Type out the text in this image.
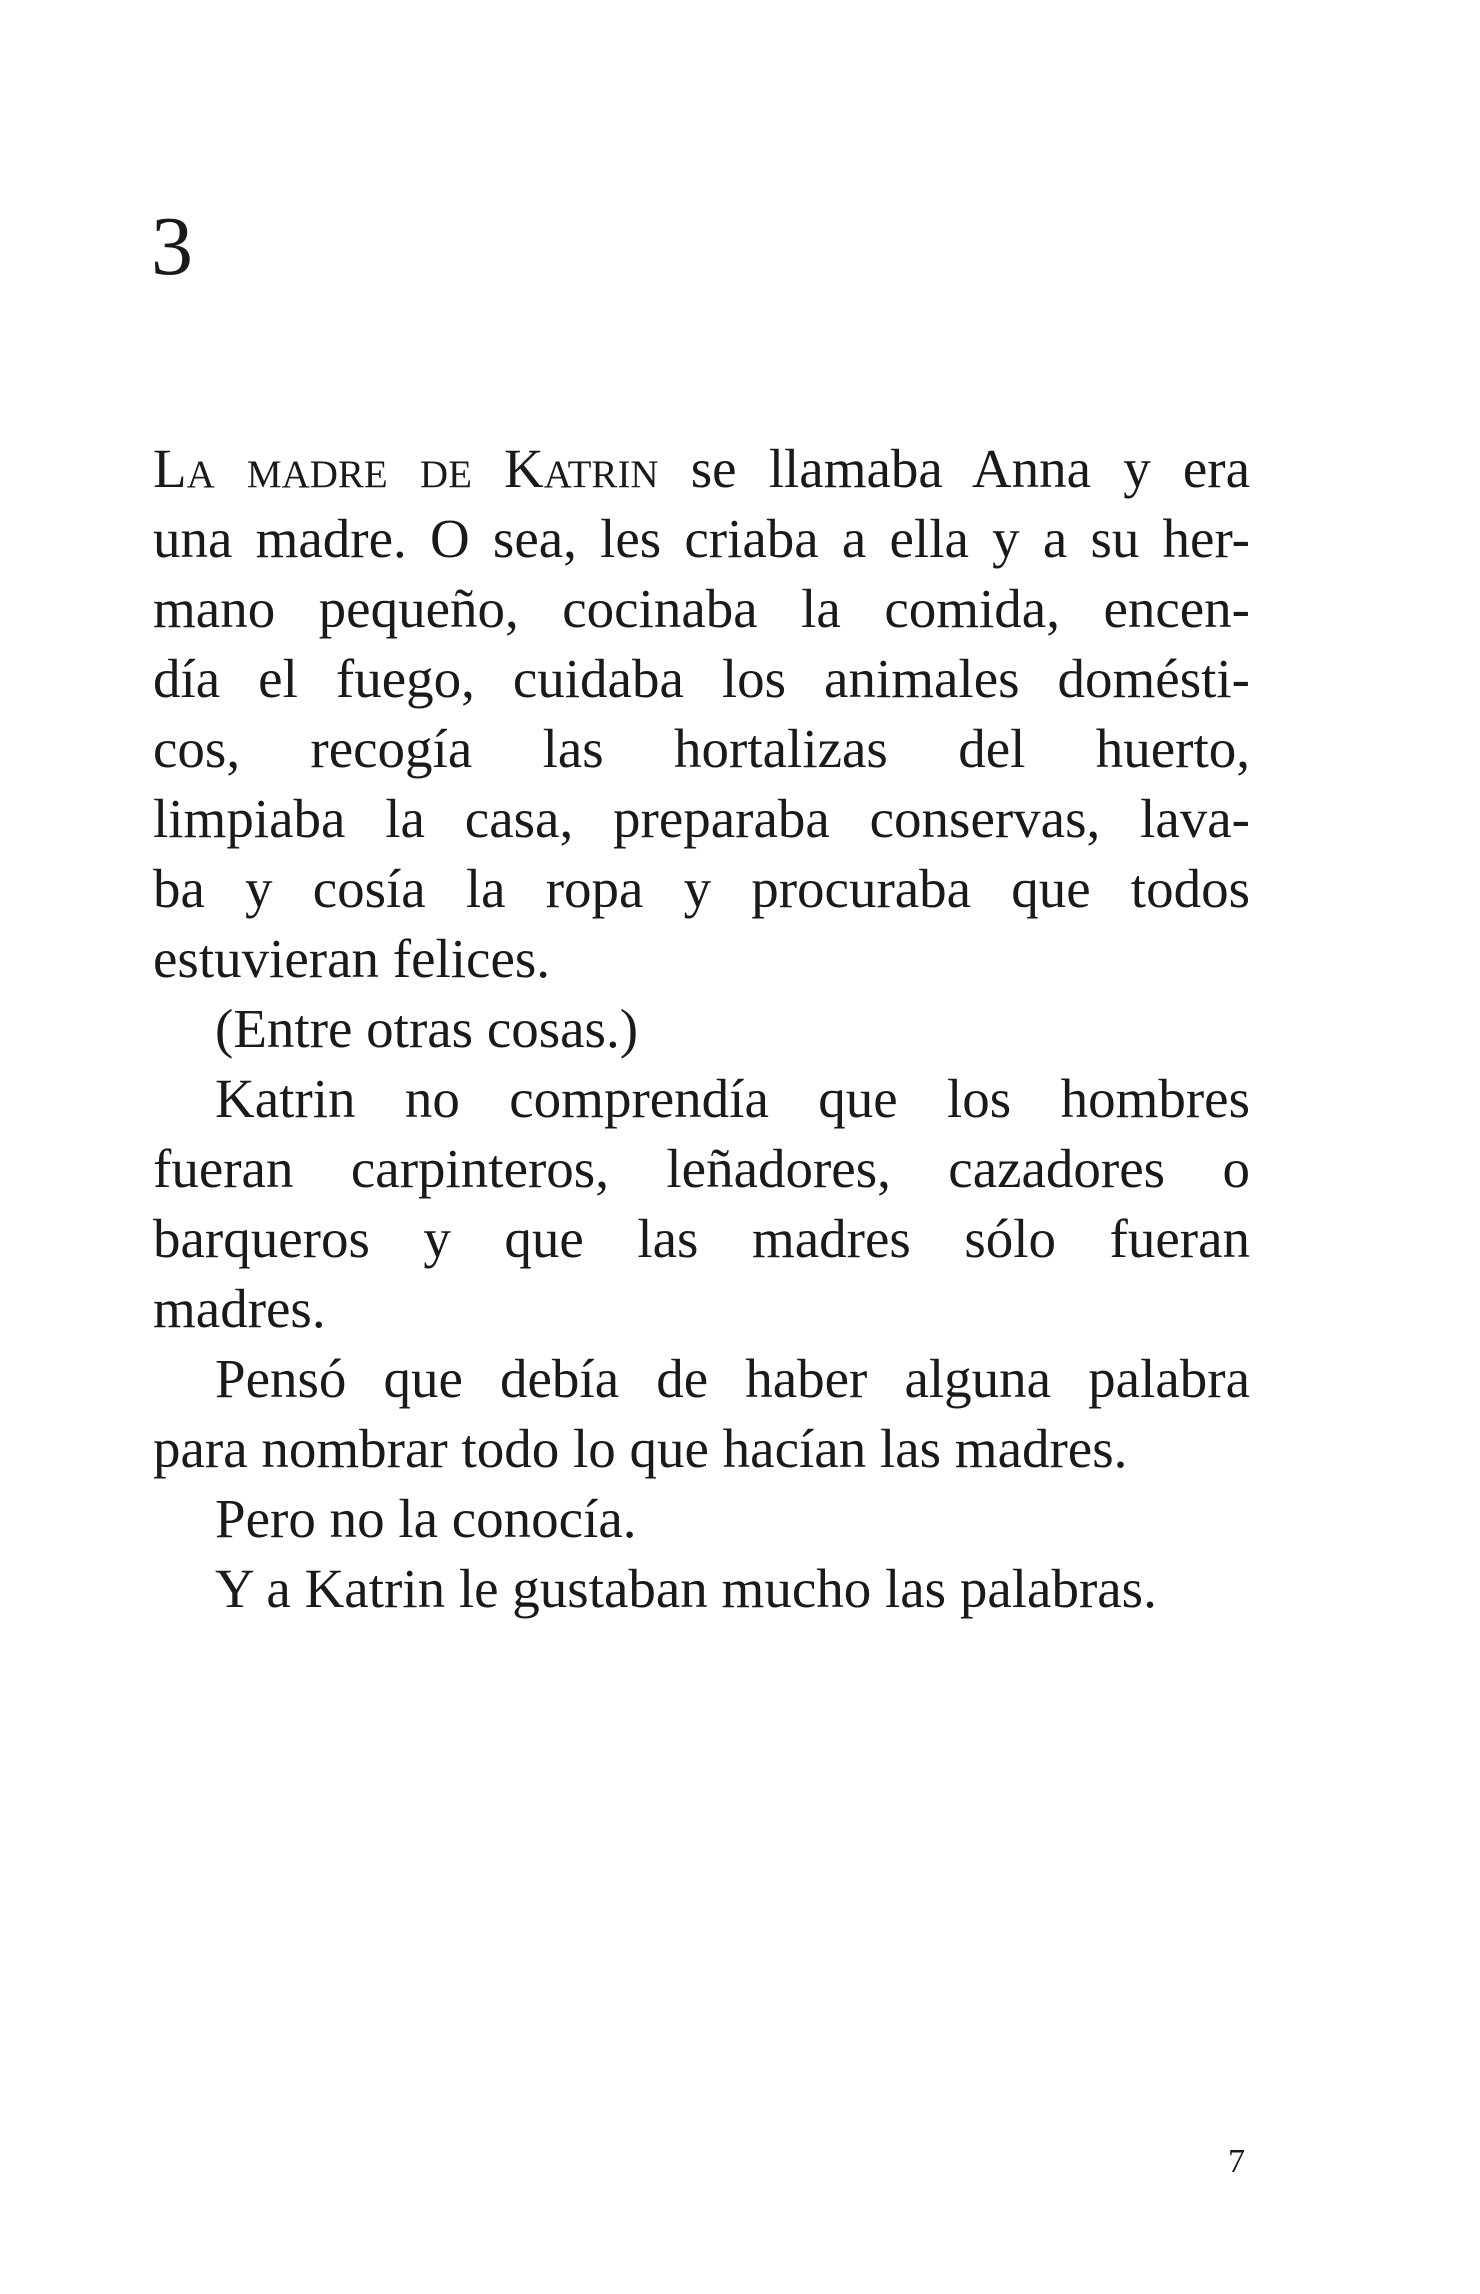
3
La madre de Katrin se llamaba Anna y era
una madre. O sea, les criaba a ella y a su her-
mano pequeño, cocinaba la comida, encen-
día el fuego, cuidaba los animales domésti-
cos, recogía las hortalizas del huerto,
limpiaba la casa, preparaba conservas, lava-
ba y cosía la ropa y procuraba que todos
estuvieran felices.
(Entre otras cosas.)
Katrin no comprendía que los hombres
fueran carpinteros, leñadores, cazadores o
barqueros y que las madres sólo fueran
madres.
Pensó que debía de haber alguna palabra
para nombrar todo lo que hacían las madres.
Pero no la conocía.
Y a Katrin le gustaban mucho las palabras.
7
